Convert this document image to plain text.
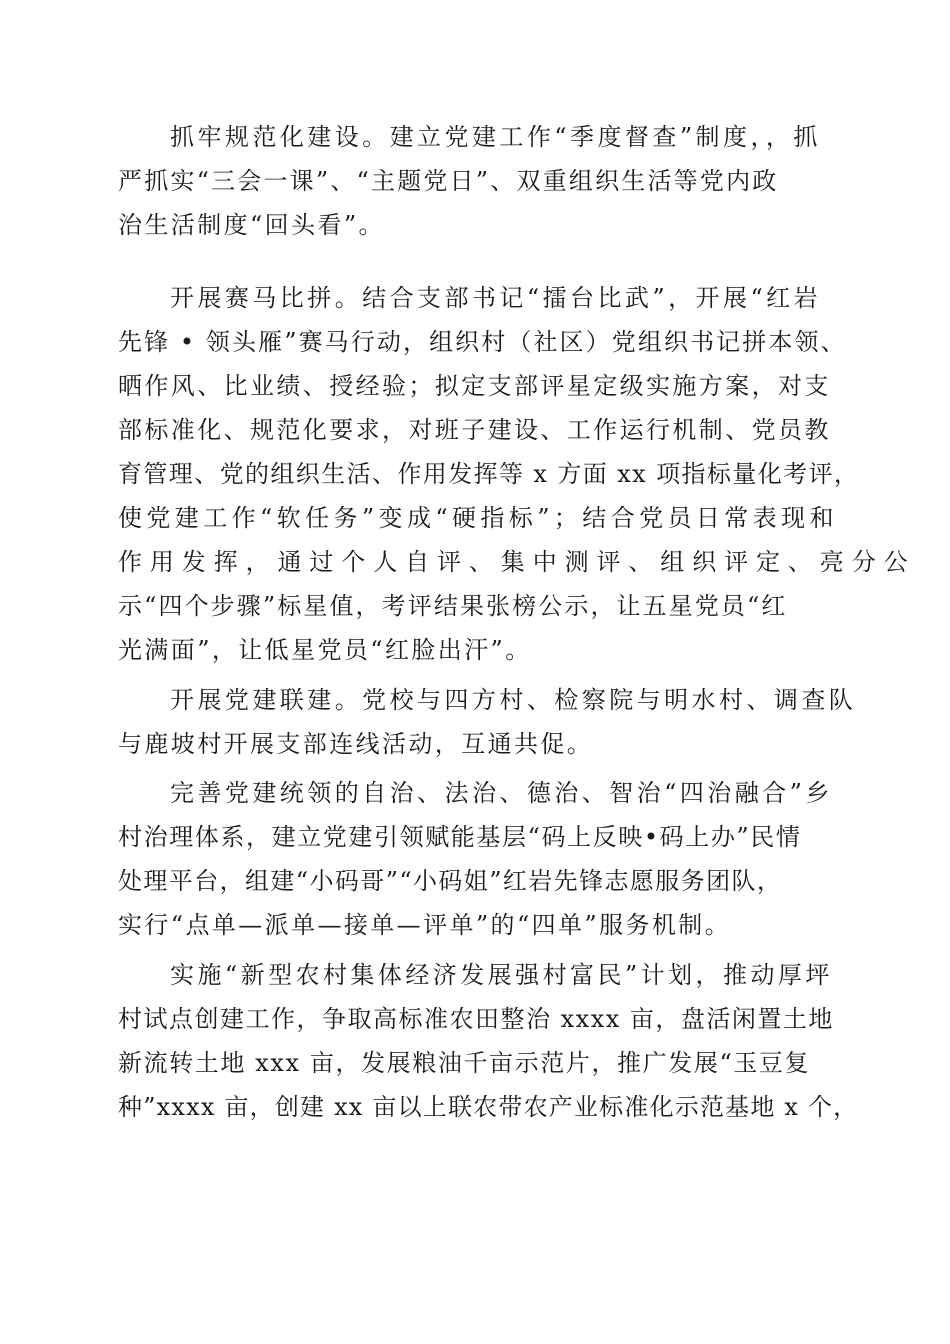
抓牢规范化建设。建立党建工作“季度督查”制度，，抓
严抓实“三会一课”、“主题党日”、双重组织生活等党内政
治生活制度“回头看”。
开展赛马比拼。结合支部书记“擂台比武”，开展“红岩
先锋 • 领头雁”赛马行动，组织村（社区）党组织书记拼本领、
晒作风、比业绩、授经验；拟定支部评星定级实施方案，对支
部标准化、规范化要求，对班子建设、工作运行机制、党员教
育管理、党的组织生活、作用发挥等 x 方面 xx 项指标量化考评，
使党建工作“软任务”变成“硬指标”；结合党员日常表现和
作用发挥，通过个人自评、集中测评、组织评定、亮分公
示“四个步骤”标星值，考评结果张榜公示，让五星党员“红
光满面”，让低星党员“红脸出汗”。
开展党建联建。党校与四方村、检察院与明水村、调查队
与鹿坡村开展支部连线活动，互通共促。
完善党建统领的自治、法治、德治、智治“四治融合”乡
村治理体系，建立党建引领赋能基层“码上反映•码上办”民情
处理平台，组建“小码哥”“小码姐”红岩先锋志愿服务团队，
实行“点单—派单—接单—评单”的“四单”服务机制。
实施“新型农村集体经济发展强村富民”计划，推动厚坪
村试点创建工作，争取高标准农田整治 xxxx 亩，盘活闲置土地
新流转土地 xxx 亩，发展粮油千亩示范片，推广发展“玉豆复
种”xxxx 亩，创建 xx 亩以上联农带农产业标准化示范基地 x 个，
